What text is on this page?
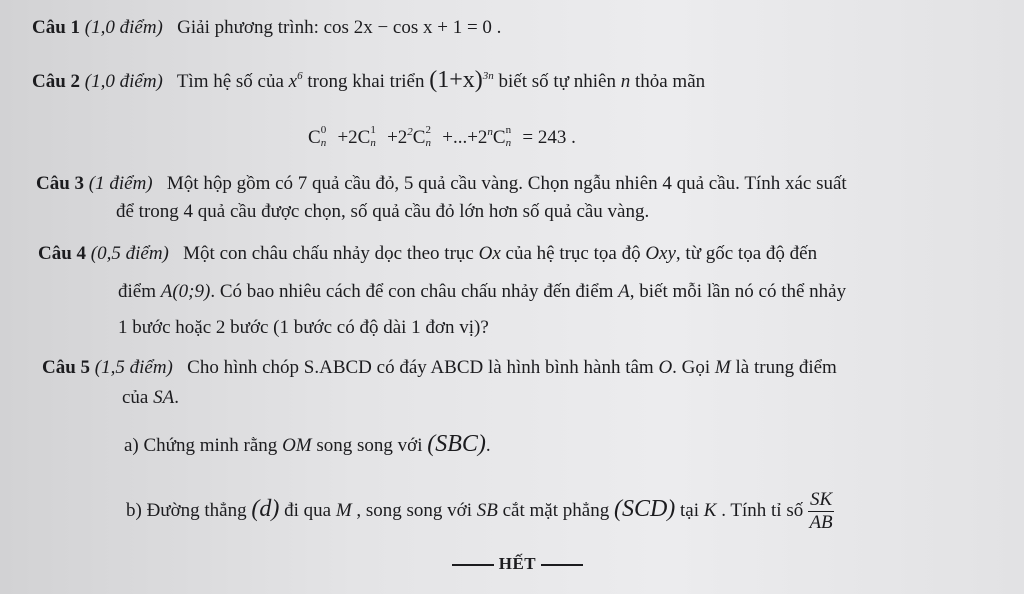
Câu 1 (1,0 điểm) Giải phương trình: cos 2x − cos x + 1 = 0 .
Câu 2 (1,0 điểm) Tìm hệ số của $x^6$ trong khai triển $(1+x)^{3n}$ biết số tự nhiên n thỏa mãn
C 0
n +2C 1
$n +2^2C$ 2
$n +...+2^nC$ n
n = 243 .
Câu 3 (1 điểm) Một hộp gồm có 7 quả cầu đỏ, 5 quả cầu vàng. Chọn ngẫu nhiên 4 quả cầu. Tính xác suất
để trong 4 quả cầu được chọn, số quả cầu đỏ lớn hơn số quả cầu vàng.
Câu 4 (0,5 điểm) Một con châu chấu nhảy dọc theo trục Ox của hệ trục tọa độ Oxy, từ gốc tọa độ đến
điểm A(0;9). Có bao nhiêu cách để con châu chấu nhảy đến điểm A, biết mỗi lần nó có thể nhảy
1 bước hoặc 2 bước (1 bước có độ dài 1 đơn vị)?
Câu 5 (1,5 điểm) Cho hình chóp S.ABCD có đáy ABCD là hình bình hành tâm O. Gọi M là trung điểm
của SA.
a) Chứng minh rằng OM song song với (SBC).
b) Đường thẳng (d) đi qua M , song song với SB cắt mặt phẳng (SCD) tại K . Tính tỉ số $\frac{SK}{AB}$
HẾT
